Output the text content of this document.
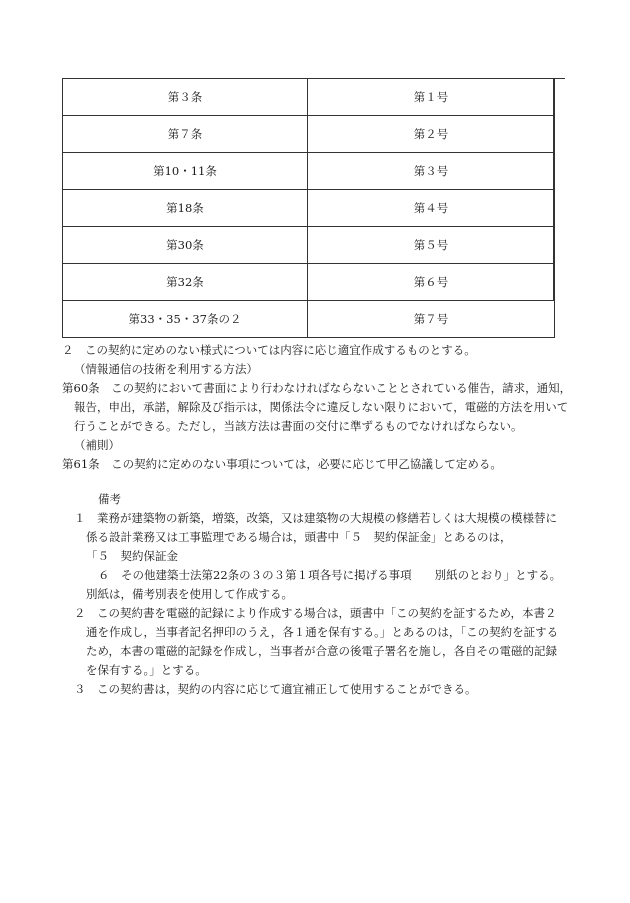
第３条	第１号
第７条	第２号
第10・11条	第３号
第18条	第４号
第30条	第５号
第32条	第６号
第33・35・37条の２	第７号
２　この契約に定めのない様式については内容に応じ適宜作成するものとする。
（情報通信の技術を利用する方法）
第60条　この契約において書面により行わなければならないこととされている催告，請求，通知，
報告，申出，承諾，解除及び指示は，関係法令に違反しない限りにおいて，電磁的方法を用いて
行うことができる。ただし，当該方法は書面の交付に準ずるものでなければならない。
（補則）
第61条　この契約に定めのない事項については，必要に応じて甲乙協議して定める。
備考
１　業務が建築物の新築，増築，改築，又は建築物の大規模の修繕若しくは大規模の模様替に
係る設計業務又は工事監理である場合は，頭書中「５　契約保証金」とあるのは，
「５　契約保証金
６　その他建築士法第22条の３の３第１項各号に掲げる事項　　別紙のとおり」とする。
別紙は，備考別表を使用して作成する。
２　この契約書を電磁的記録により作成する場合は，頭書中「この契約を証するため，本書２
通を作成し，当事者記名押印のうえ，各１通を保有する。」とあるのは，「この契約を証する
ため，本書の電磁的記録を作成し，当事者が合意の後電子署名を施し，各自その電磁的記録
を保有する。」とする。
３　この契約書は，契約の内容に応じて適宜補正して使用することができる。
